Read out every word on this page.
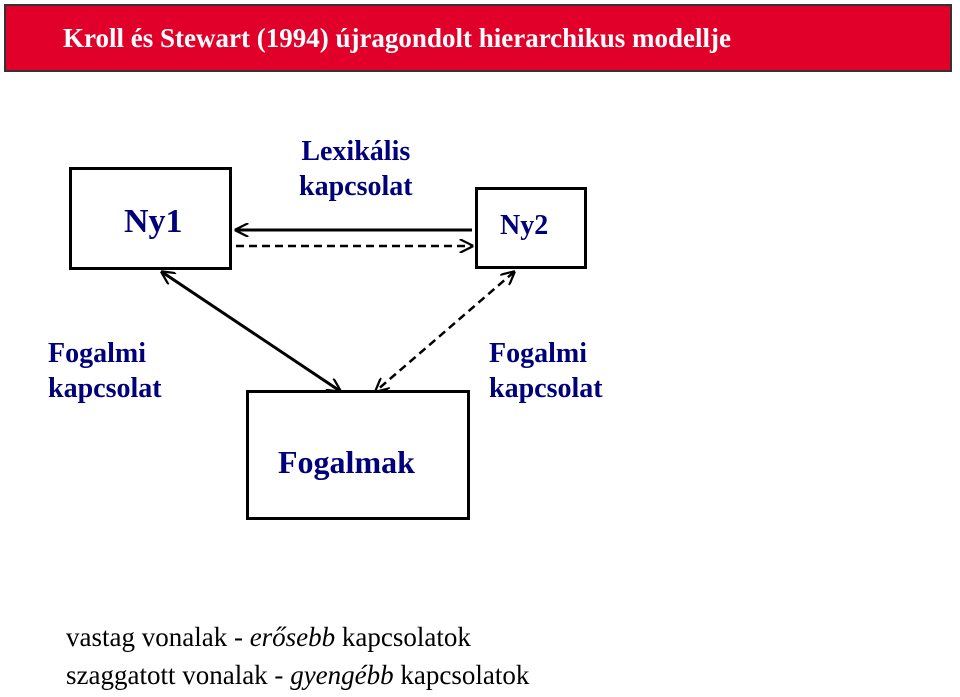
Kroll és Stewart (1994) újragondolt hierarchikus modellje
Ny1	Ny2
Fogalmak
Lexikális
kapcsolat
Fogalmi
kapcsolat
Fogalmi
kapcsolat
vastag vonalak - erősebb kapcsolatok
szaggatott vonalak - gyengébb kapcsolatok
